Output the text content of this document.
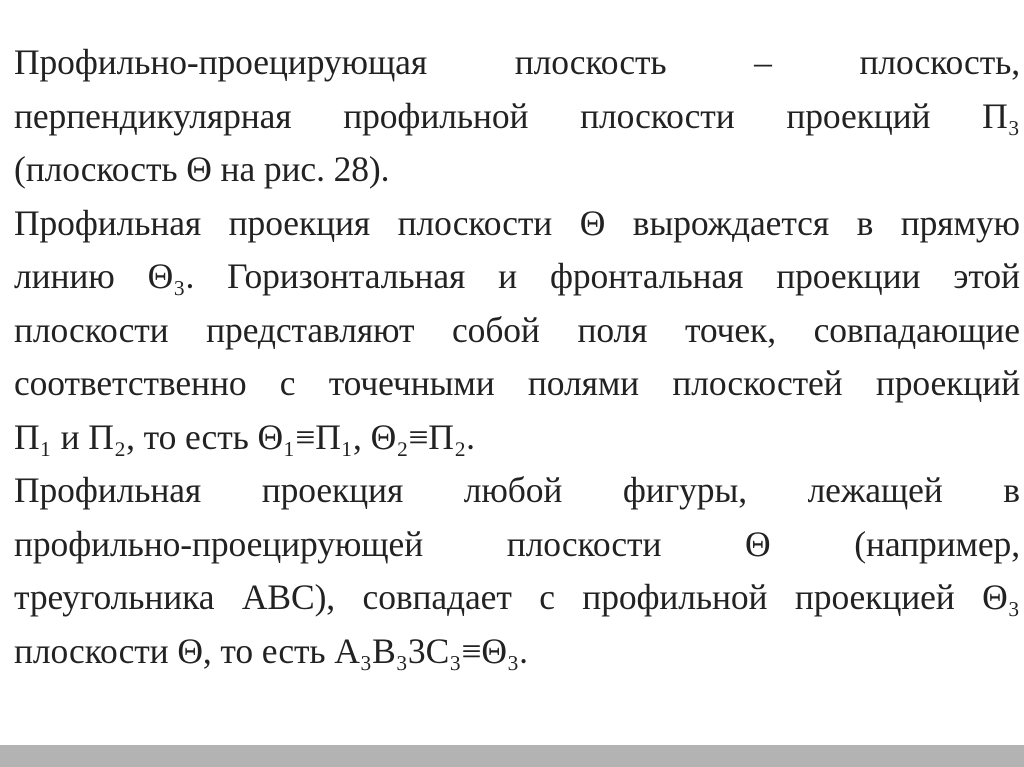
Профильно-проецирующая плоскость – плоскость,
перпендикулярная профильной плоскости проекций П₃
(плоскость Θ на рис. 28).
Профильная проекция плоскости Θ вырождается в прямую
линию Θ₃. Горизонтальная и фронтальная проекции этой
плоскости представляют собой поля точек, совпадающие
соответственно с точечными полями плоскостей проекций
П₁ и П₂, то есть Θ₁≡П₁, Θ₂≡П₂.
Профильная проекция любой фигуры, лежащей в
профильно-проецирующей плоскости Θ (например,
треугольника АВС), совпадает с профильной проекцией Θ₃
плоскости Θ, то есть А₃В₃3С₃≡Θ₃.
